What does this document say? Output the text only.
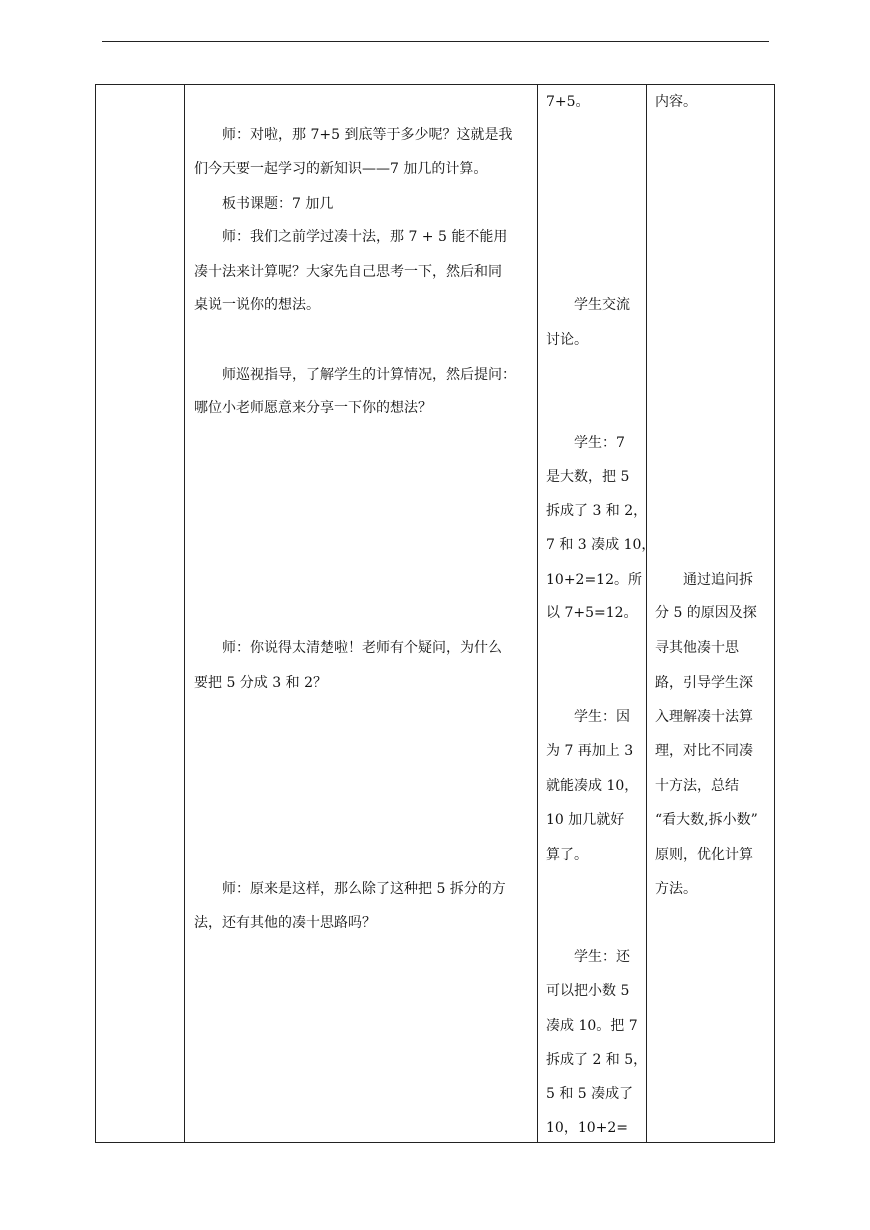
师：对啦，那 7+5 到底等于多少呢？这就是我
们今天要一起学习的新知识——7 加几的计算。
板书课题：7 加几
师：我们之前学过凑十法，那 7 + 5 能不能用
凑十法来计算呢？大家先自己思考一下，然后和同
桌说一说你的想法。
师巡视指导，了解学生的计算情况，然后提问：
哪位小老师愿意来分享一下你的想法？
师：你说得太清楚啦！老师有个疑问，为什么
要把 5 分成 3 和 2？
师：原来是这样，那么除了这种把 5 拆分的方
法，还有其他的凑十思路吗？
7+5。
学生交流
讨论。
学生：7
是大数，把 5
拆成了 3 和 2，
7 和 3 凑成 10，
10+2=12。所
以 7+5=12。
学生：因
为 7 再加上 3
就能凑成 10，
10 加几就好
算了。
学生：还
可以把小数 5
凑成 10。把 7
拆成了 2 和 5，
5 和 5 凑成了
10，10+2=
内容。
通过追问拆
分 5 的原因及探
寻其他凑十思
路，引导学生深
入理解凑十法算
理，对比不同凑
十方法，总结
“看大数,拆小数”
原则，优化计算
方法。
